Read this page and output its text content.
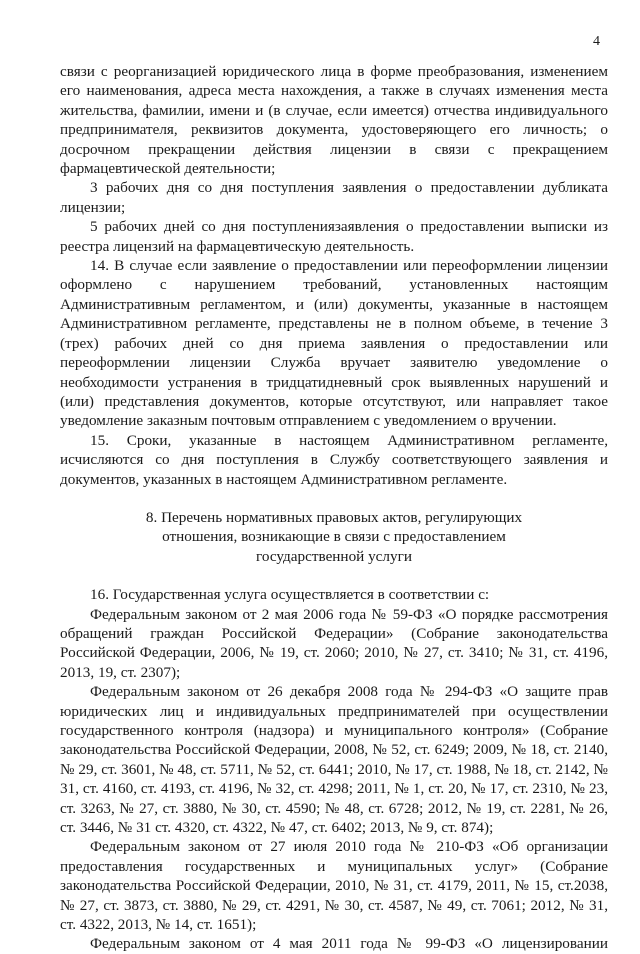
4

связи с реорганизацией юридического лица в форме преобразования, изменением его наименования, адреса места нахождения, а также в случаях изменения места жительства, фамилии, имени и (в случае, если имеется) отчества индивидуального предпринимателя, реквизитов документа, удостоверяющего его личность; о досрочном прекращении действия лицензии в связи с прекращением фармацевтической деятельности;

3 рабочих дня со дня поступления заявления о предоставлении дубликата лицензии;

5 рабочих дней со дня поступлениязаявления о предоставлении выписки из реестра лицензий на фармацевтическую деятельность.

14. В случае если заявление о предоставлении или переоформлении лицензии оформлено с нарушением требований, установленных настоящим Административным регламентом, и (или) документы, указанные в настоящем Административном регламенте, представлены не в полном объеме, в течение 3 (трех) рабочих дней со дня приема заявления о предоставлении или переоформлении лицензии Служба вручает заявителю уведомление о необходимости устранения в тридцатидневный срок выявленных нарушений и (или) представления документов, которые отсутствуют, или направляет такое уведомление заказным почтовым отправлением с уведомлением о вручении.

15. Сроки, указанные в настоящем Административном регламенте, исчисляются со дня поступления в Службу соответствующего заявления и документов, указанных в настоящем Административном регламенте.

8. Перечень нормативных правовых актов, регулирующих
отношения, возникающие в связи с предоставлением
государственной услуги

16. Государственная услуга осуществляется в соответствии с:

Федеральным законом от 2 мая 2006 года № 59-ФЗ «О порядке рассмотрения обращений граждан Российской Федерации» (Собрание законодательства Российской Федерации, 2006, № 19, ст. 2060; 2010, № 27, ст. 3410; № 31, ст. 4196, 2013, 19, ст. 2307);

Федеральным законом от 26 декабря 2008 года № 294-ФЗ «О защите прав юридических лиц и индивидуальных предпринимателей при осуществлении государственного контроля (надзора) и муниципального контроля» (Собрание законодательства Российской Федерации, 2008, № 52, ст. 6249; 2009, № 18, ст. 2140, № 29, ст. 3601, № 48, ст. 5711, № 52, ст. 6441; 2010, № 17, ст. 1988, № 18, ст. 2142, № 31, ст. 4160, ст. 4193, ст. 4196, № 32, ст. 4298; 2011, № 1, ст. 20, № 17, ст. 2310, № 23, ст. 3263, № 27, ст. 3880, № 30, ст. 4590; № 48, ст. 6728; 2012, № 19, ст. 2281, № 26, ст. 3446, № 31 ст. 4320, ст. 4322, № 47, ст. 6402; 2013, № 9, ст. 874);

Федеральным законом от 27 июля 2010 года № 210-ФЗ «Об организации предоставления государственных и муниципальных услуг» (Собрание законодательства Российской Федерации, 2010, № 31, ст. 4179, 2011, № 15, ст.2038, № 27, ст. 3873, ст. 3880, № 29, ст. 4291, № 30, ст. 4587, № 49, ст. 7061; 2012, № 31, ст. 4322, 2013, № 14, ст. 1651);

Федеральным законом от 4 мая 2011 года № 99-ФЗ «О лицензировании
